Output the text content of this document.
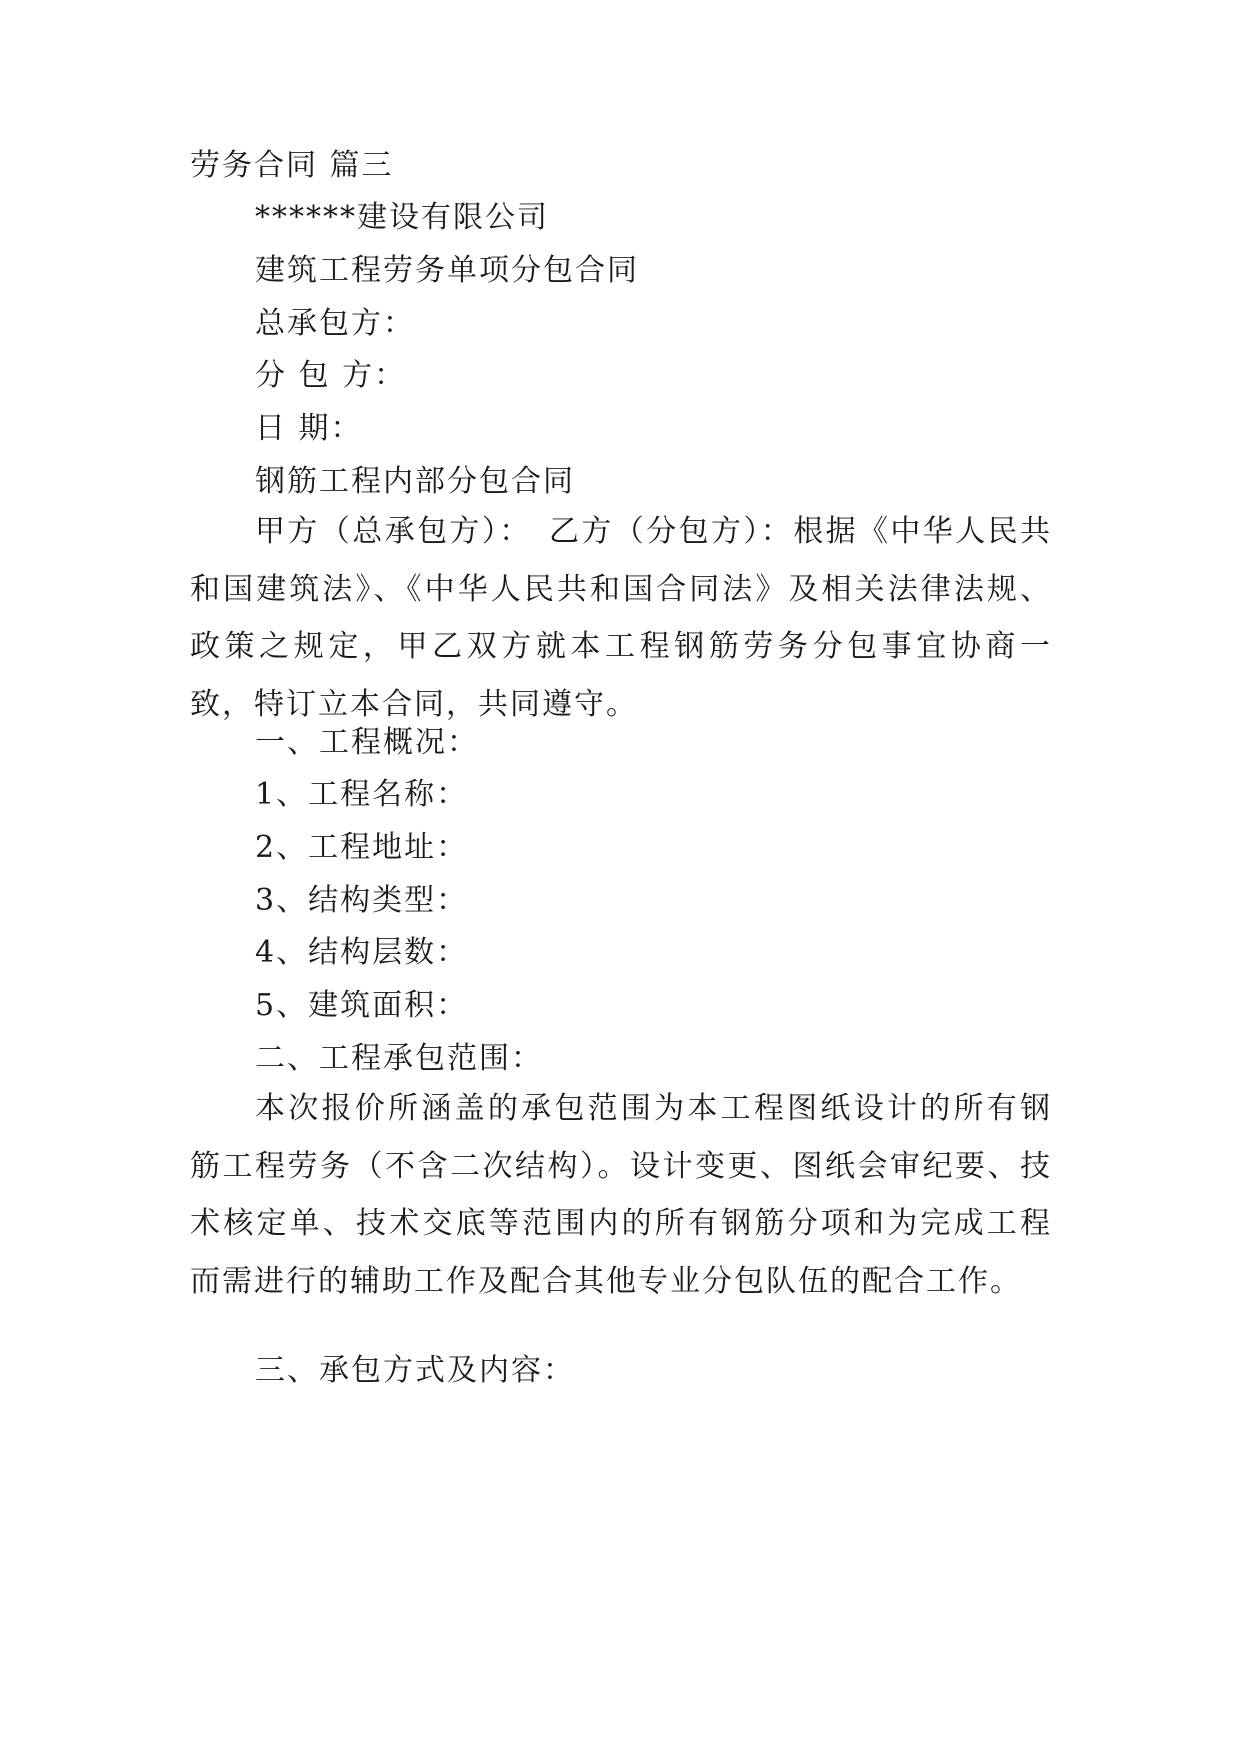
劳务合同 篇三
******建设有限公司
建筑工程劳务单项分包合同
总承包方：
分 包 方：
日 期：
钢筋工程内部分包合同
甲方（总承包方）：　乙方（分包方）：根据《中华人民共和国建筑法》、《中华人民共和国合同法》及相关法律法规、政策之规定，甲乙双方就本工程钢筋劳务分包事宜协商一致，特订立本合同，共同遵守。
一、工程概况：
1、工程名称：
2、工程地址：
3、结构类型：
4、结构层数：
5、建筑面积：
二、工程承包范围：
本次报价所涵盖的承包范围为本工程图纸设计的所有钢筋工程劳务（不含二次结构）。设计变更、图纸会审纪要、技术核定单、技术交底等范围内的所有钢筋分项和为完成工程而需进行的辅助工作及配合其他专业分包队伍的配合工作。
三、承包方式及内容：
